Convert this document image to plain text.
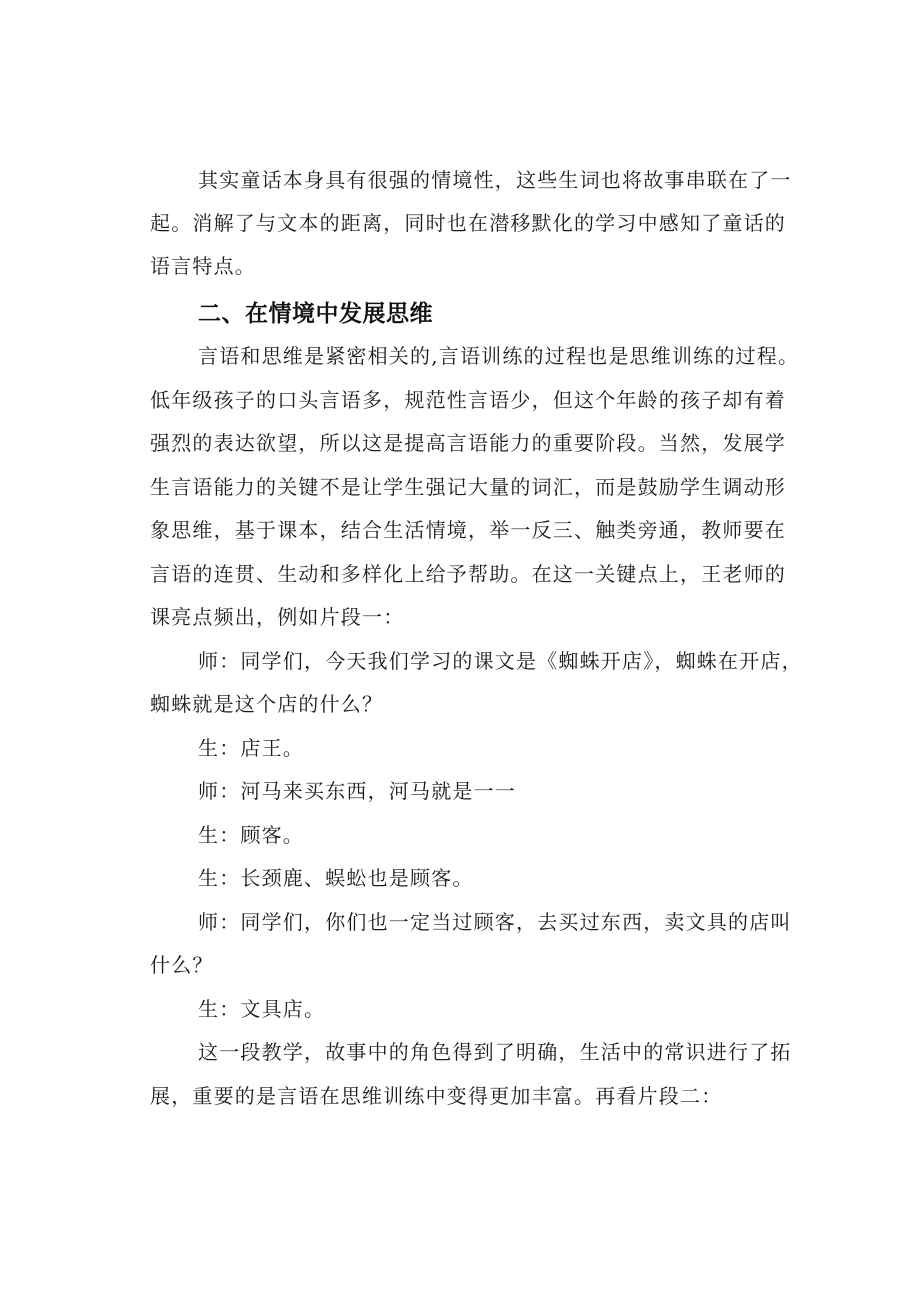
其实童话本身具有很强的情境性，这些生词也将故事串联在了一

起。消解了与文本的距离，同时也在潜移默化的学习中感知了童话的

语言特点。

二、在情境中发展思维

言语和思维是紧密相关的,言语训练的过程也是思维训练的过程。

低年级孩子的口头言语多，规范性言语少，但这个年龄的孩子却有着

强烈的表达欲望，所以这是提高言语能力的重要阶段。当然，发展学

生言语能力的关键不是让学生强记大量的词汇，而是鼓励学生调动形

象思维，基于课本，结合生活情境，举一反三、触类旁通，教师要在

言语的连贯、生动和多样化上给予帮助。在这一关键点上，王老师的

课亮点频出，例如片段一：

师：同学们，今天我们学习的课文是《蜘蛛开店》，蜘蛛在开店，

蜘蛛就是这个店的什么？

生：店王。

师：河马来买东西，河马就是一一

生：顾客。

生：长颈鹿、蜈蚣也是顾客。

师：同学们，你们也一定当过顾客，去买过东西，卖文具的店叫

什么？

生：文具店。

这一段教学，故事中的角色得到了明确，生活中的常识进行了拓

展，重要的是言语在思维训练中变得更加丰富。再看片段二：
